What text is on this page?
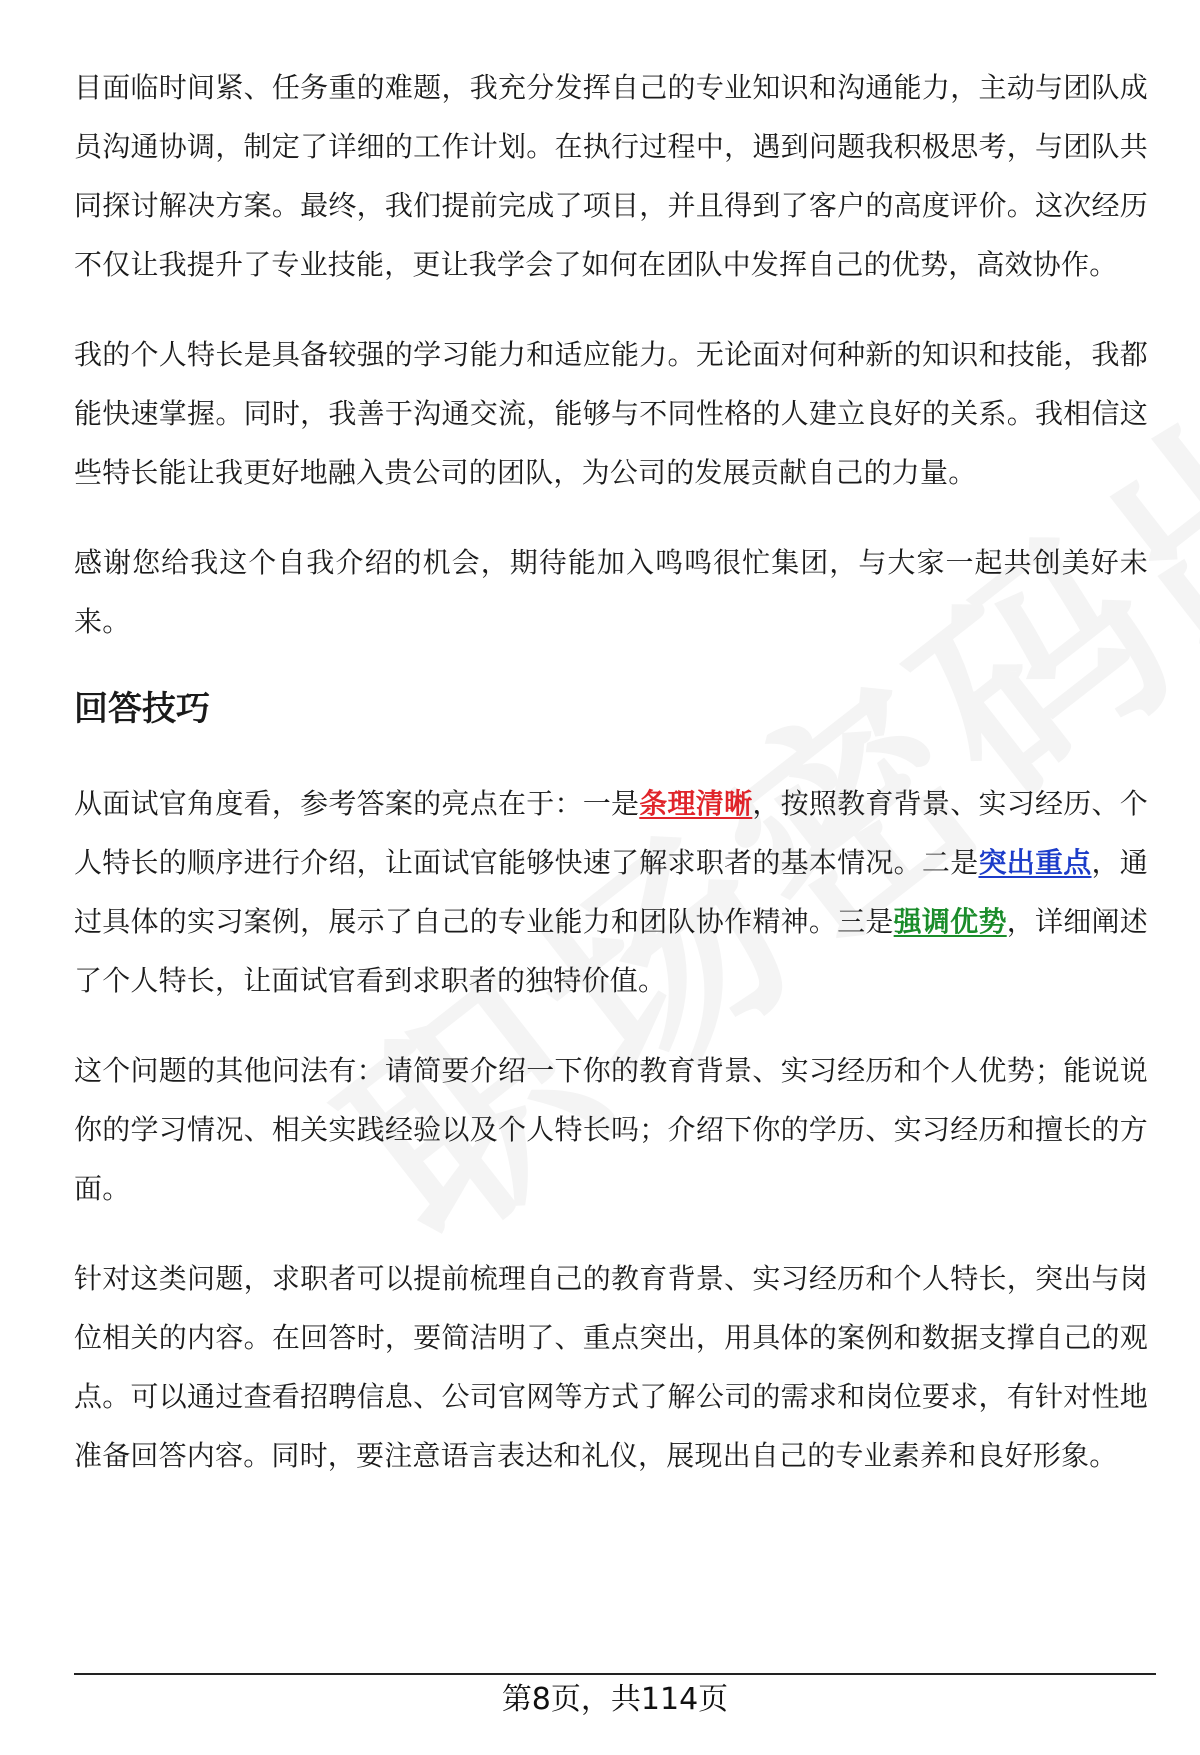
目面临时间紧、任务重的难题，我充分发挥自己的专业知识和沟通能力，主动与团队成员沟通协调，制定了详细的工作计划。在执行过程中，遇到问题我积极思考，与团队共同探讨解决方案。最终，我们提前完成了项目，并且得到了客户的高度评价。这次经历不仅让我提升了专业技能，更让我学会了如何在团队中发挥自己的优势，高效协作。

我的个人特长是具备较强的学习能力和适应能力。无论面对何种新的知识和技能，我都能快速掌握。同时，我善于沟通交流，能够与不同性格的人建立良好的关系。我相信这些特长能让我更好地融入贵公司的团队，为公司的发展贡献自己的力量。

感谢您给我这个自我介绍的机会，期待能加入鸣鸣很忙集团，与大家一起共创美好未来。

回答技巧

从面试官角度看，参考答案的亮点在于：一是条理清晰，按照教育背景、实习经历、个人特长的顺序进行介绍，让面试官能够快速了解求职者的基本情况。二是突出重点，通过具体的实习案例，展示了自己的专业能力和团队协作精神。三是强调优势，详细阐述了个人特长，让面试官看到求职者的独特价值。

这个问题的其他问法有：请简要介绍一下你的教育背景、实习经历和个人优势；能说说你的学习情况、相关实践经验以及个人特长吗；介绍下你的学历、实习经历和擅长的方面。

针对这类问题，求职者可以提前梳理自己的教育背景、实习经历和个人特长，突出与岗位相关的内容。在回答时，要简洁明了、重点突出，用具体的案例和数据支撑自己的观点。可以通过查看招聘信息、公司官网等方式了解公司的需求和岗位要求，有针对性地准备回答内容。同时，要注意语言表达和礼仪，展现出自己的专业素养和良好形象。

第8页，共114页
